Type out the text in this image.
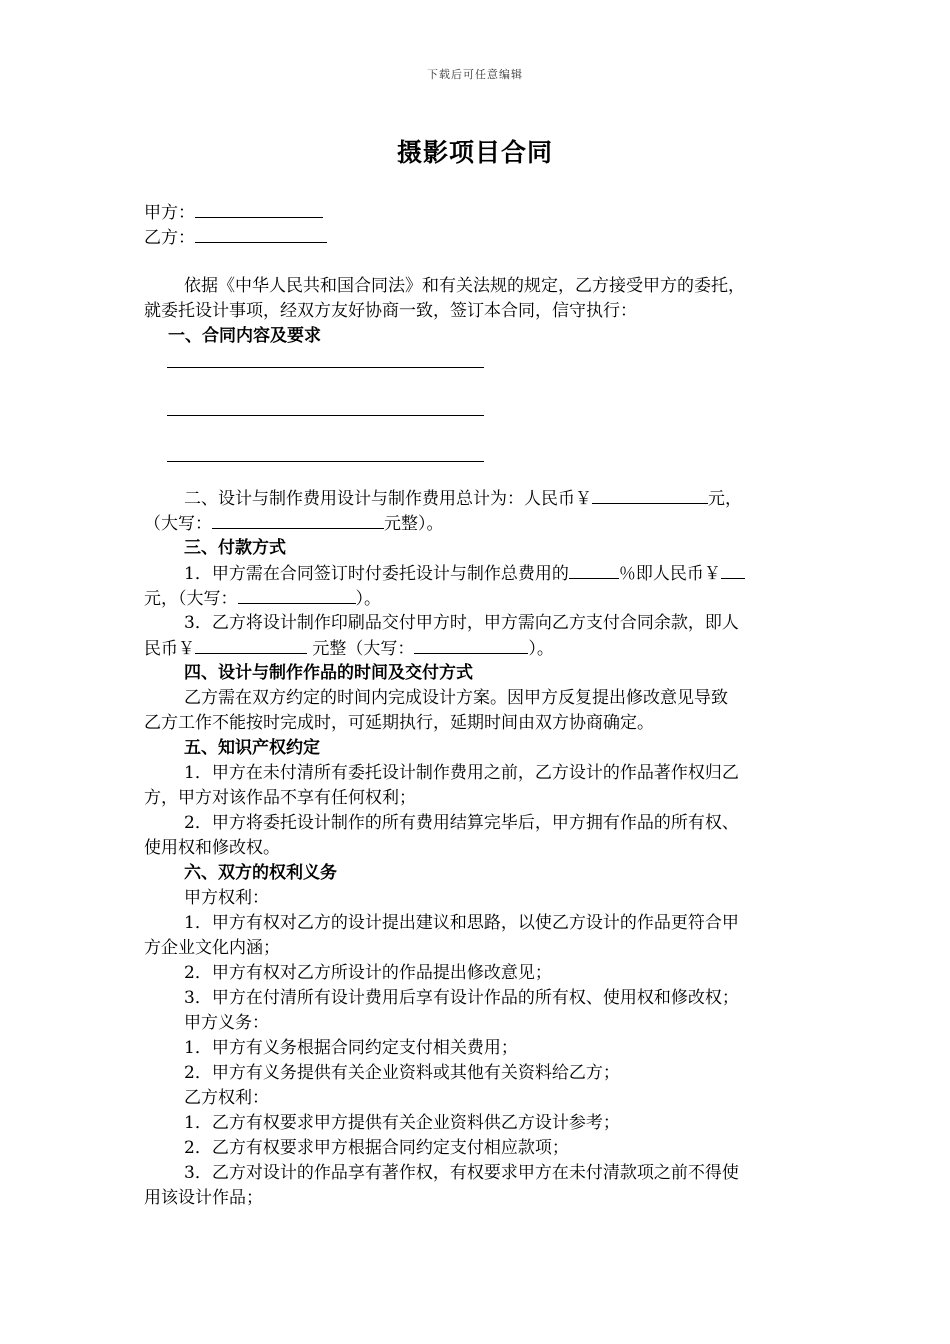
下载后可任意编辑
摄影项目合同
甲方：
乙方：
依据《中华人民共和国合同法》和有关法规的规定，乙方接受甲方的委托，
就委托设计事项，经双方友好协商一致，签订本合同，信守执行：
一、合同内容及要求
二、设计与制作费用设计与制作费用总计为：人民币￥	元，
（大写：	元整）。
三、付款方式
1．甲方需在合同签订时付委托设计与制作总费用的	％即人民币￥
元，（大写：	）。
3．乙方将设计制作印刷品交付甲方时，甲方需向乙方支付合同余款，即人
民币￥	元整（大写：	）。
四、设计与制作作品的时间及交付方式
乙方需在双方约定的时间内完成设计方案。因甲方反复提出修改意见导致
乙方工作不能按时完成时，可延期执行，延期时间由双方协商确定。
五、知识产权约定
1．甲方在未付清所有委托设计制作费用之前，乙方设计的作品著作权归乙
方，甲方对该作品不享有任何权利；
2．甲方将委托设计制作的所有费用结算完毕后，甲方拥有作品的所有权、
使用权和修改权。
六、双方的权利义务
甲方权利：
1．甲方有权对乙方的设计提出建议和思路，以使乙方设计的作品更符合甲
方企业文化内涵；
2．甲方有权对乙方所设计的作品提出修改意见；
3．甲方在付清所有设计费用后享有设计作品的所有权、使用权和修改权；
甲方义务：
1．甲方有义务根据合同约定支付相关费用；
2．甲方有义务提供有关企业资料或其他有关资料给乙方；
乙方权利：
1．乙方有权要求甲方提供有关企业资料供乙方设计参考；
2．乙方有权要求甲方根据合同约定支付相应款项；
3．乙方对设计的作品享有著作权，有权要求甲方在未付清款项之前不得使
用该设计作品；
